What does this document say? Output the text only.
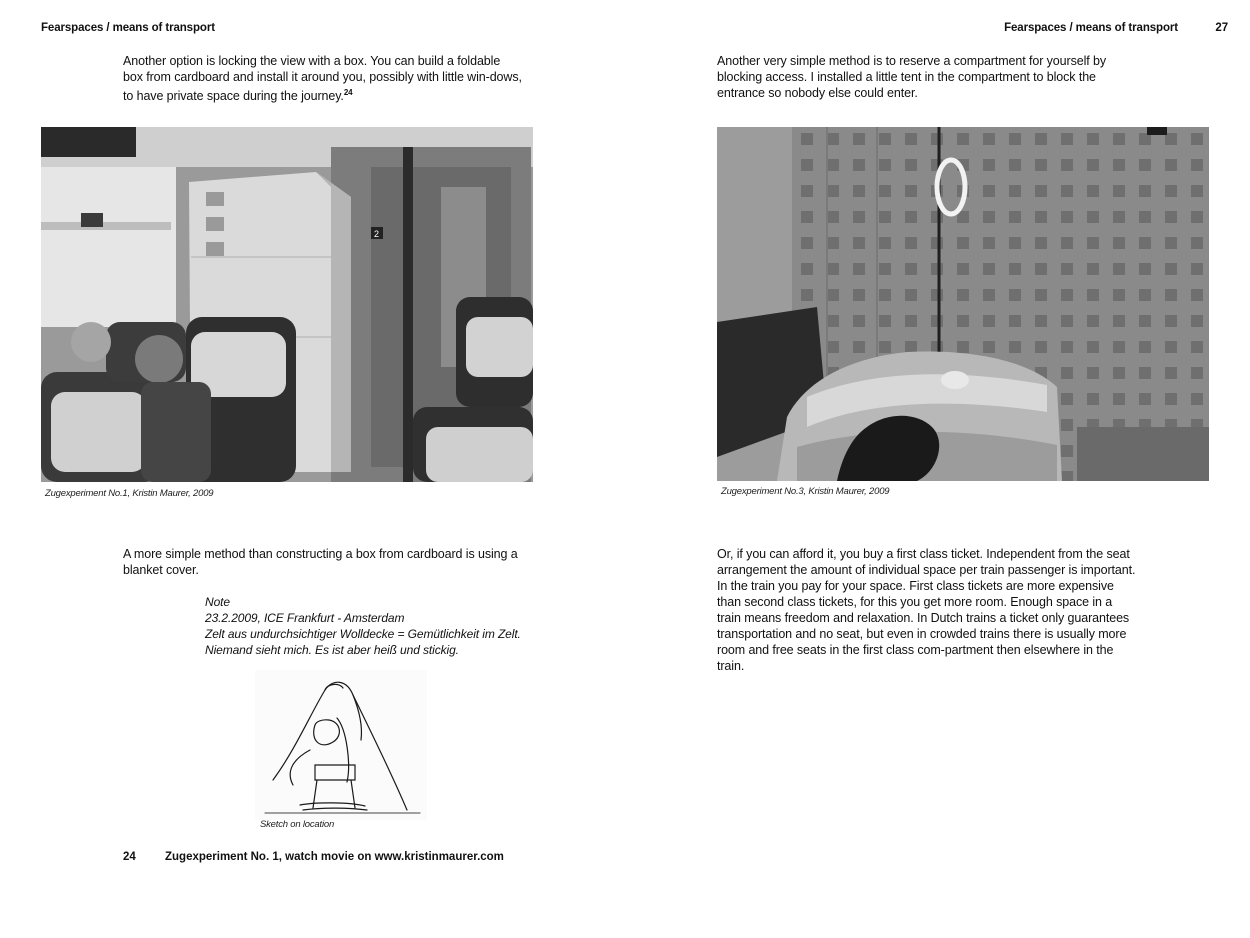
Fearspaces / means of transport
Another option is locking the view with a box. You can build a foldable box from cardboard and install it around you, possibly with little win-dows, to have private space during the journey.$^{24}$
2
Zugexperiment No.1, Kristin Maurer, 2009
A more simple method than constructing a box from cardboard is using a blanket cover.
Note
23.2.2009, ICE Frankfurt - Amsterdam
Zelt aus undurchsichtiger Wolldecke = Gemütlichkeit im Zelt. Niemand sieht mich. Es ist aber heiß und stickig.
Sketch on location
24	Zugexperiment No. 1, watch movie on www.kristinmaurer.com
Fearspaces / means of transport	27
Another very simple method is to reserve a compartment for yourself by blocking access. I installed a little tent in the compartment to block the entrance so nobody else could enter.
Zugexperiment No.3, Kristin Maurer, 2009
Or, if you can afford it, you buy a first class ticket. Independent from the seat arrangement the amount of individual space per train passenger is important. In the train you pay for your space. First class tickets are more expensive than second class tickets, for this you get more room. Enough space in a train means freedom and relaxation. In Dutch trains a ticket only guarantees transportation and no seat, but even in crowded trains there is usually more room and free seats in the first class com-partment then elsewhere in the train.
